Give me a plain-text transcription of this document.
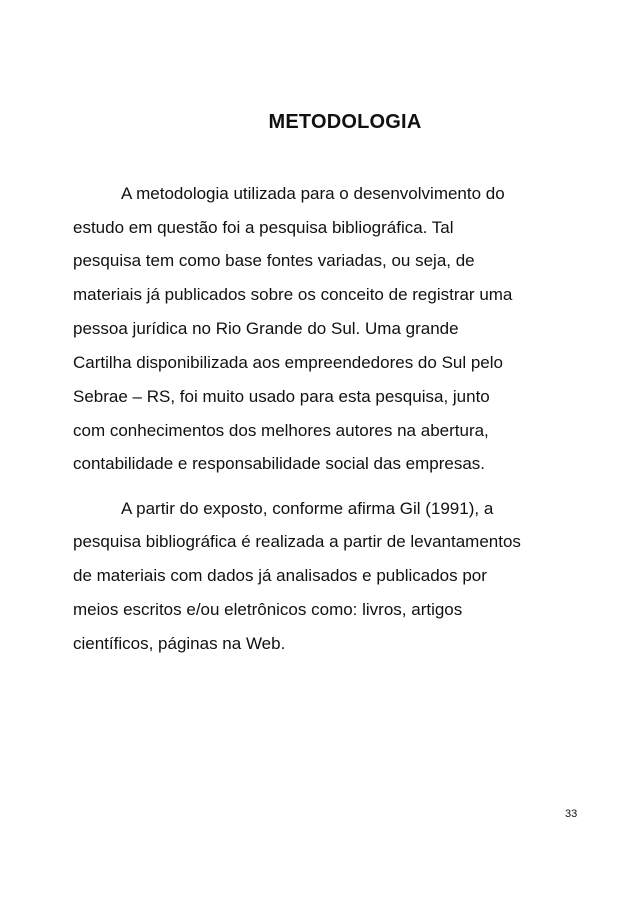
METODOLOGIA

A metodologia utilizada para o desenvolvimento do

estudo em questão foi a pesquisa bibliográfica. Tal

pesquisa tem como base fontes variadas, ou seja, de

materiais já publicados sobre os conceito de registrar uma

pessoa jurídica no Rio Grande do Sul. Uma grande

Cartilha disponibilizada aos empreendedores do Sul pelo

Sebrae – RS, foi muito usado para esta pesquisa, junto

com conhecimentos dos melhores autores na abertura,

contabilidade e responsabilidade social das empresas.

A partir do exposto, conforme afirma Gil (1991), a

pesquisa bibliográfica é realizada a partir de levantamentos

de materiais com dados já analisados e publicados por

meios escritos e/ou eletrônicos como: livros, artigos

científicos, páginas na Web.

33
